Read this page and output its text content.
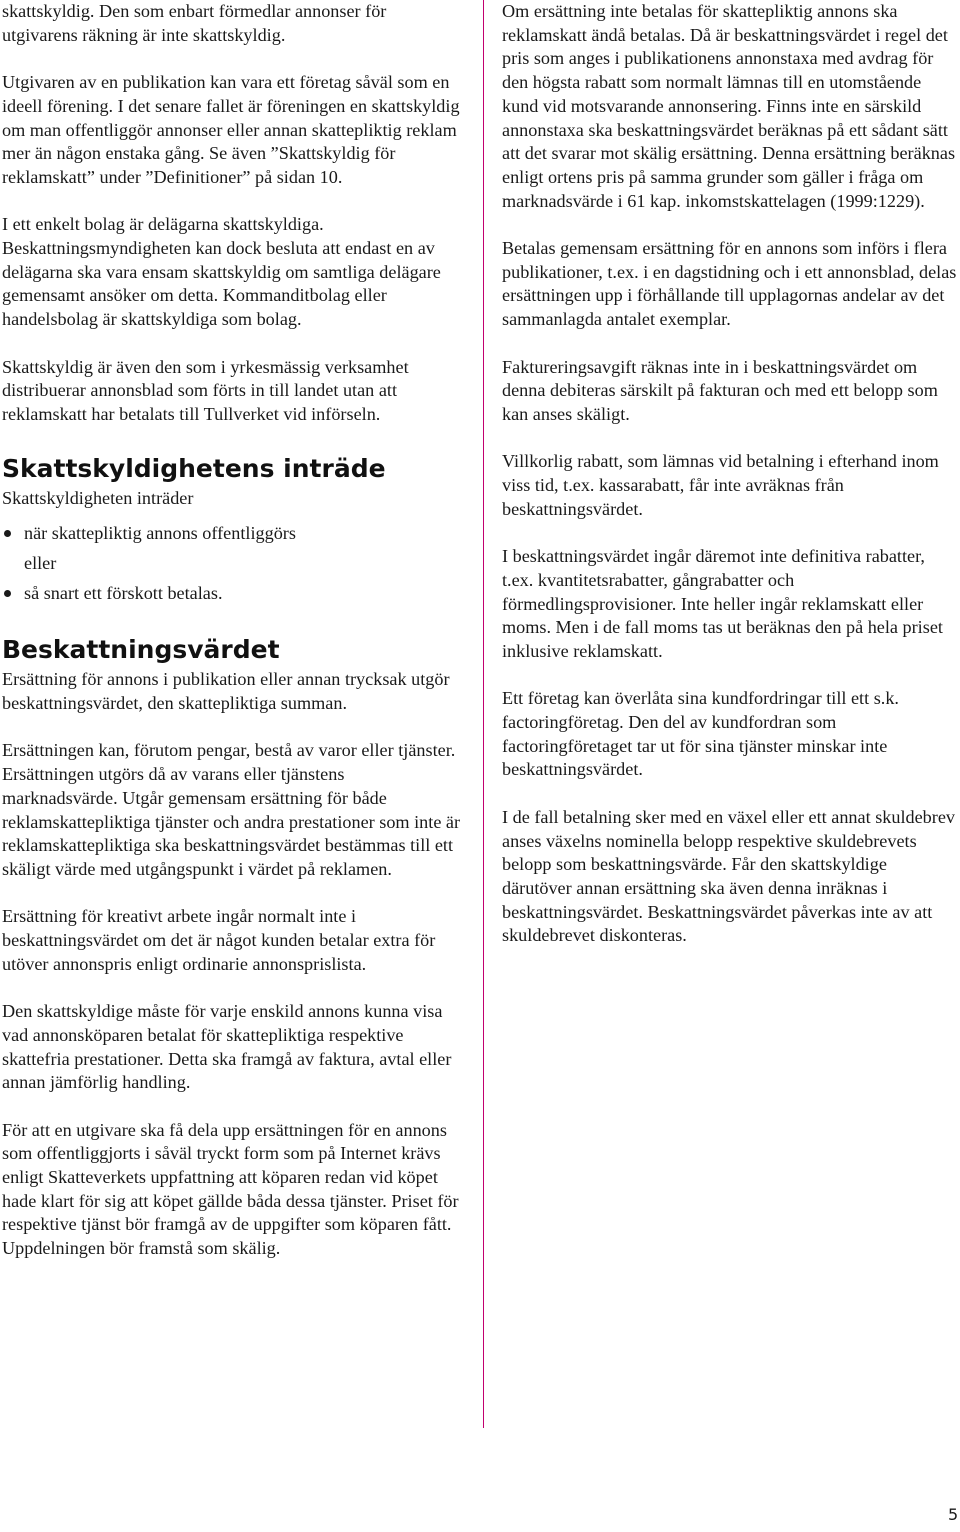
skattskyldig. Den som enbart förmedlar annonser för utgivarens räkning är inte skattskyldig.

Utgivaren av en publikation kan vara ett företag såväl som en ideell förening. I det senare fallet är föreningen en skattskyldig om man offentliggör annonser eller annan skattepliktig reklam mer än någon enstaka gång. Se även ”Skattskyldig för reklamskatt” under ”Definitioner” på sidan 10.

I ett enkelt bolag är delägarna skattskyldiga. Beskattningsmyndigheten kan dock besluta att endast en av delägarna ska vara ensam skattskyldig om samtliga delägare gemensamt ansöker om detta. Kommanditbolag eller handelsbolag är skattskyldiga som bolag.

Skattskyldig är även den som i yrkesmässig verksamhet distribuerar annonsblad som förts in till landet utan att reklamskatt har betalats till Tullverket vid införseln.

Skattskyldighetens inträde

Skattskyldigheten inträder

när skattepliktig annons offentliggörs
eller
så snart ett förskott betalas.
Beskattningsvärdet

Ersättning för annons i publikation eller annan trycksak utgör beskattningsvärdet, den skattepliktiga summan.

Ersättningen kan, förutom pengar, bestå av varor eller tjänster. Ersättningen utgörs då av varans eller tjänstens marknadsvärde. Utgår gemensam ersättning för både reklamskattepliktiga tjänster och andra prestationer som inte är reklamskattepliktiga ska beskattningsvärdet bestämmas till ett skäligt värde med utgångspunkt i värdet på reklamen.

Ersättning för kreativt arbete ingår normalt inte i beskattningsvärdet om det är något kunden betalar extra för utöver annonspris enligt ordinarie annonsprislista.

Den skattskyldige måste för varje enskild annons kunna visa vad annonsköparen betalat för skattepliktiga respektive skattefria prestationer. Detta ska framgå av faktura, avtal eller annan jämförlig handling.

För att en utgivare ska få dela upp ersättningen för en annons som offentliggjorts i såväl tryckt form som på Internet krävs enligt Skatteverkets uppfattning att köparen redan vid köpet hade klart för sig att köpet gällde båda dessa tjänster. Priset för respektive tjänst bör framgå av de uppgifter som köparen fått. Uppdelningen bör framstå som skälig.

Om ersättning inte betalas för skattepliktig annons ska reklamskatt ändå betalas. Då är beskattningsvärdet i regel det pris som anges i publikationens annonstaxa med avdrag för den högsta rabatt som normalt lämnas till en utomstående kund vid motsvarande annonsering. Finns inte en särskild annonstaxa ska beskattningsvärdet beräknas på ett sådant sätt att det svarar mot skälig ersättning. Denna ersättning beräknas enligt ortens pris på samma grunder som gäller i fråga om marknadsvärde i 61 kap. inkomstskattelagen (1999:1229).

Betalas gemensam ersättning för en annons som införs i flera publikationer, t.ex. i en dagstidning och i ett annonsblad, delas ersättningen upp i förhållande till upplagornas andelar av det sammanlagda antalet exemplar.

Faktureringsavgift räknas inte in i beskattningsvärdet om denna debiteras särskilt på fakturan och med ett belopp som kan anses skäligt.

Villkorlig rabatt, som lämnas vid betalning i efterhand inom viss tid, t.ex. kassarabatt, får inte avräknas från beskattningsvärdet.

I beskattningsvärdet ingår däremot inte definitiva rabatter, t.ex. kvantitetsrabatter, gångrabatter och förmedlingsprovisioner. Inte heller ingår reklamskatt eller moms. Men i de fall moms tas ut beräknas den på hela priset inklusive reklamskatt.

Ett företag kan överlåta sina kundfordringar till ett s.k. factoringföretag. Den del av kundfordran som factoringföretaget tar ut för sina tjänster minskar inte beskattningsvärdet.

I de fall betalning sker med en växel eller ett annat skuldebrev anses växelns nominella belopp respektive skuldebrevets belopp som beskattningsvärde. Får den skattskyldige därutöver annan ersättning ska även denna inräknas i beskattningsvärdet. Beskattningsvärdet påverkas inte av att skuldebrevet diskonteras.

5
